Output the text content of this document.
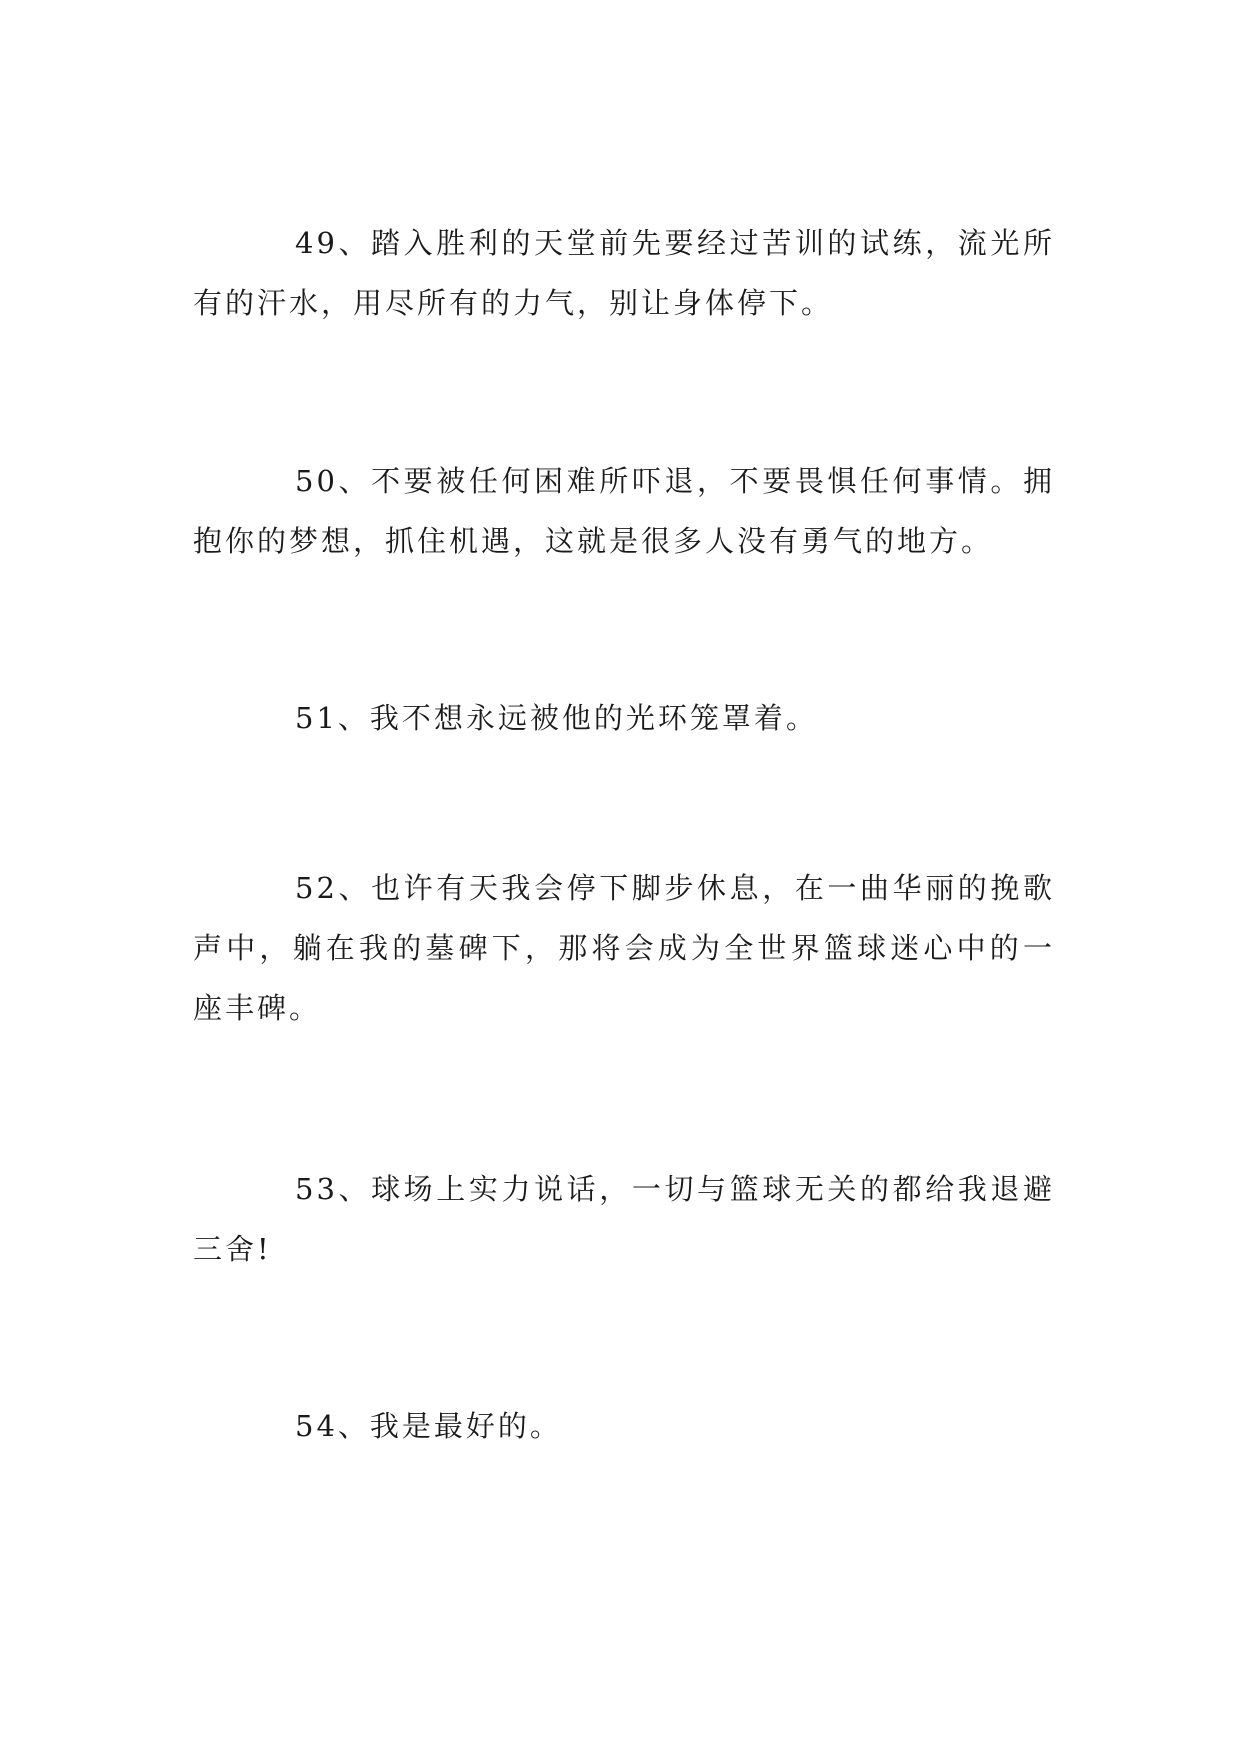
49、踏入胜利的天堂前先要经过苦训的试练，流光所有的汗水，用尽所有的力气，别让身体停下。

50、不要被任何困难所吓退，不要畏惧任何事情。拥抱你的梦想，抓住机遇，这就是很多人没有勇气的地方。

51、我不想永远被他的光环笼罩着。

52、也许有天我会停下脚步休息，在一曲华丽的挽歌声中，躺在我的墓碑下，那将会成为全世界篮球迷心中的一座丰碑。

53、球场上实力说话，一切与篮球无关的都给我退避三舍!

54、我是最好的。
